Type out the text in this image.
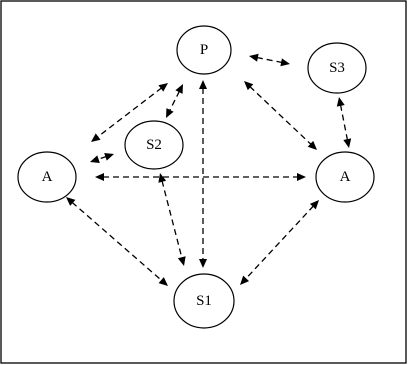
P
S3
S2
A	A
S1
